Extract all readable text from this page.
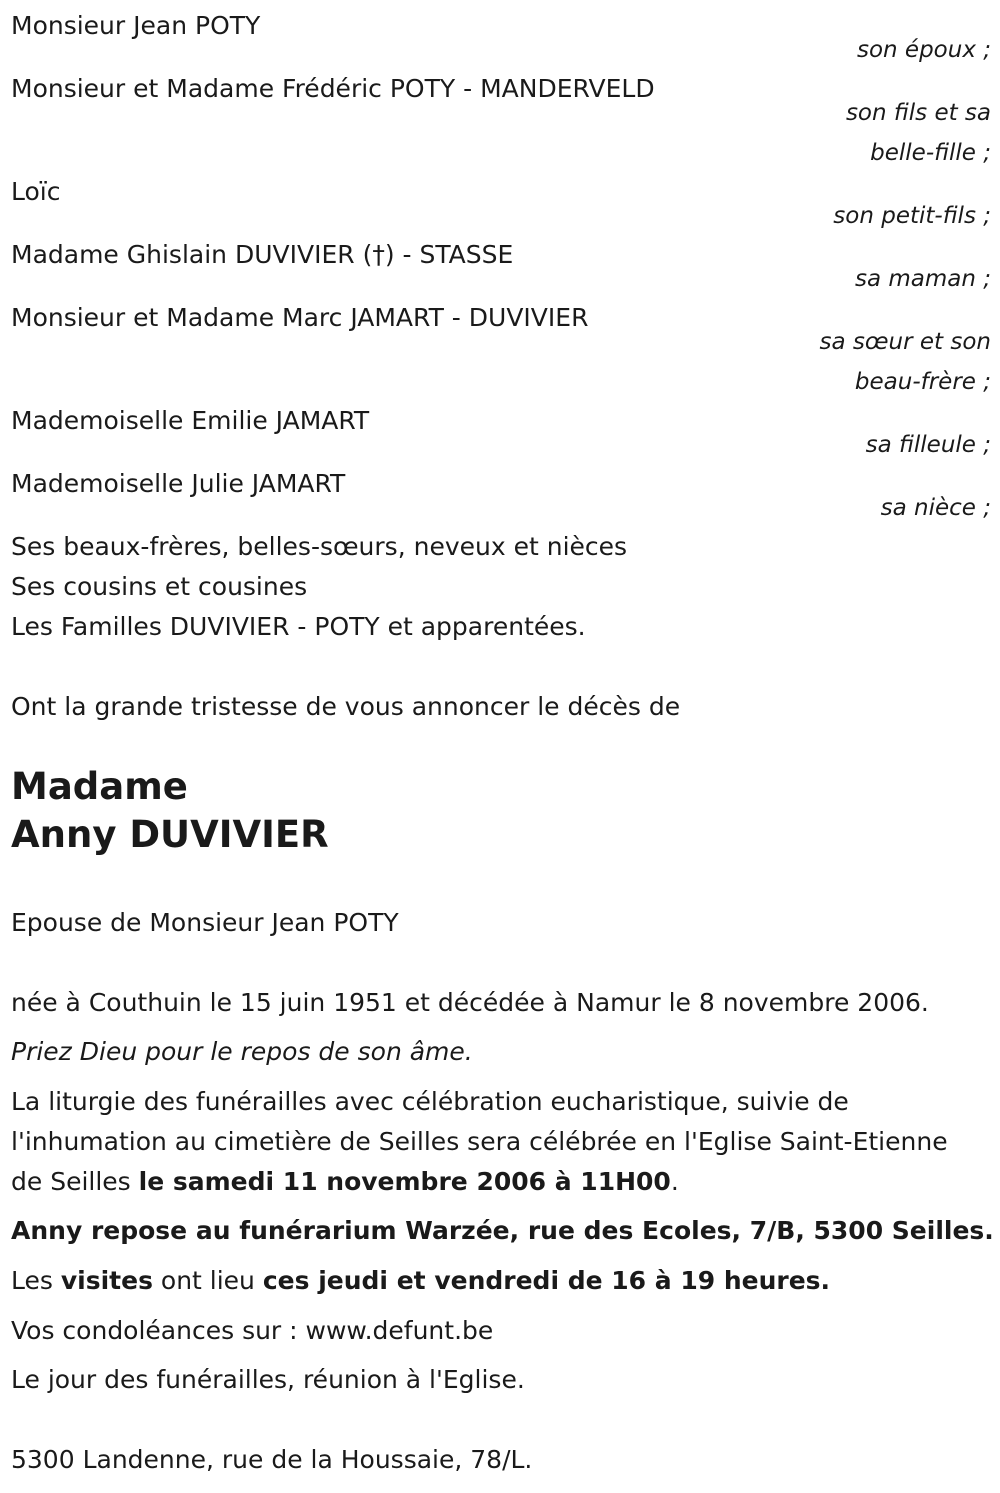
Monsieur Jean POTY
son époux ;
Monsieur et Madame Frédéric POTY - MANDERVELD
son fils et sa
belle-fille ;
Loïc
son petit-fils ;
Madame Ghislain DUVIVIER (†) - STASSE
sa maman ;
Monsieur et Madame Marc JAMART - DUVIVIER
sa sœur et son
beau-frère ;
Mademoiselle Emilie JAMART
sa filleule ;
Mademoiselle Julie JAMART
sa nièce ;
Ses beaux-frères, belles-sœurs, neveux et nièces
Ses cousins et cousines
Les Familles DUVIVIER - POTY et apparentées.
Ont la grande tristesse de vous annoncer le décès de
Madame
Anny DUVIVIER
Epouse de Monsieur Jean POTY
née à Couthuin le 15 juin 1951 et décédée à Namur le 8 novembre 2006.
Priez Dieu pour le repos de son âme.
La liturgie des funérailles avec célébration eucharistique, suivie de l'inhumation au cimetière de Seilles sera célébrée en l'Eglise Saint-Etienne de Seilles le samedi 11 novembre 2006 à 11H00.
Anny repose au funérarium Warzée, rue des Ecoles, 7/B, 5300 Seilles.
Les visites ont lieu ces jeudi et vendredi de 16 à 19 heures.
Vos condoléances sur : www.defunt.be
Le jour des funérailles, réunion à l'Eglise.
5300 Landenne, rue de la Houssaie, 78/L.
